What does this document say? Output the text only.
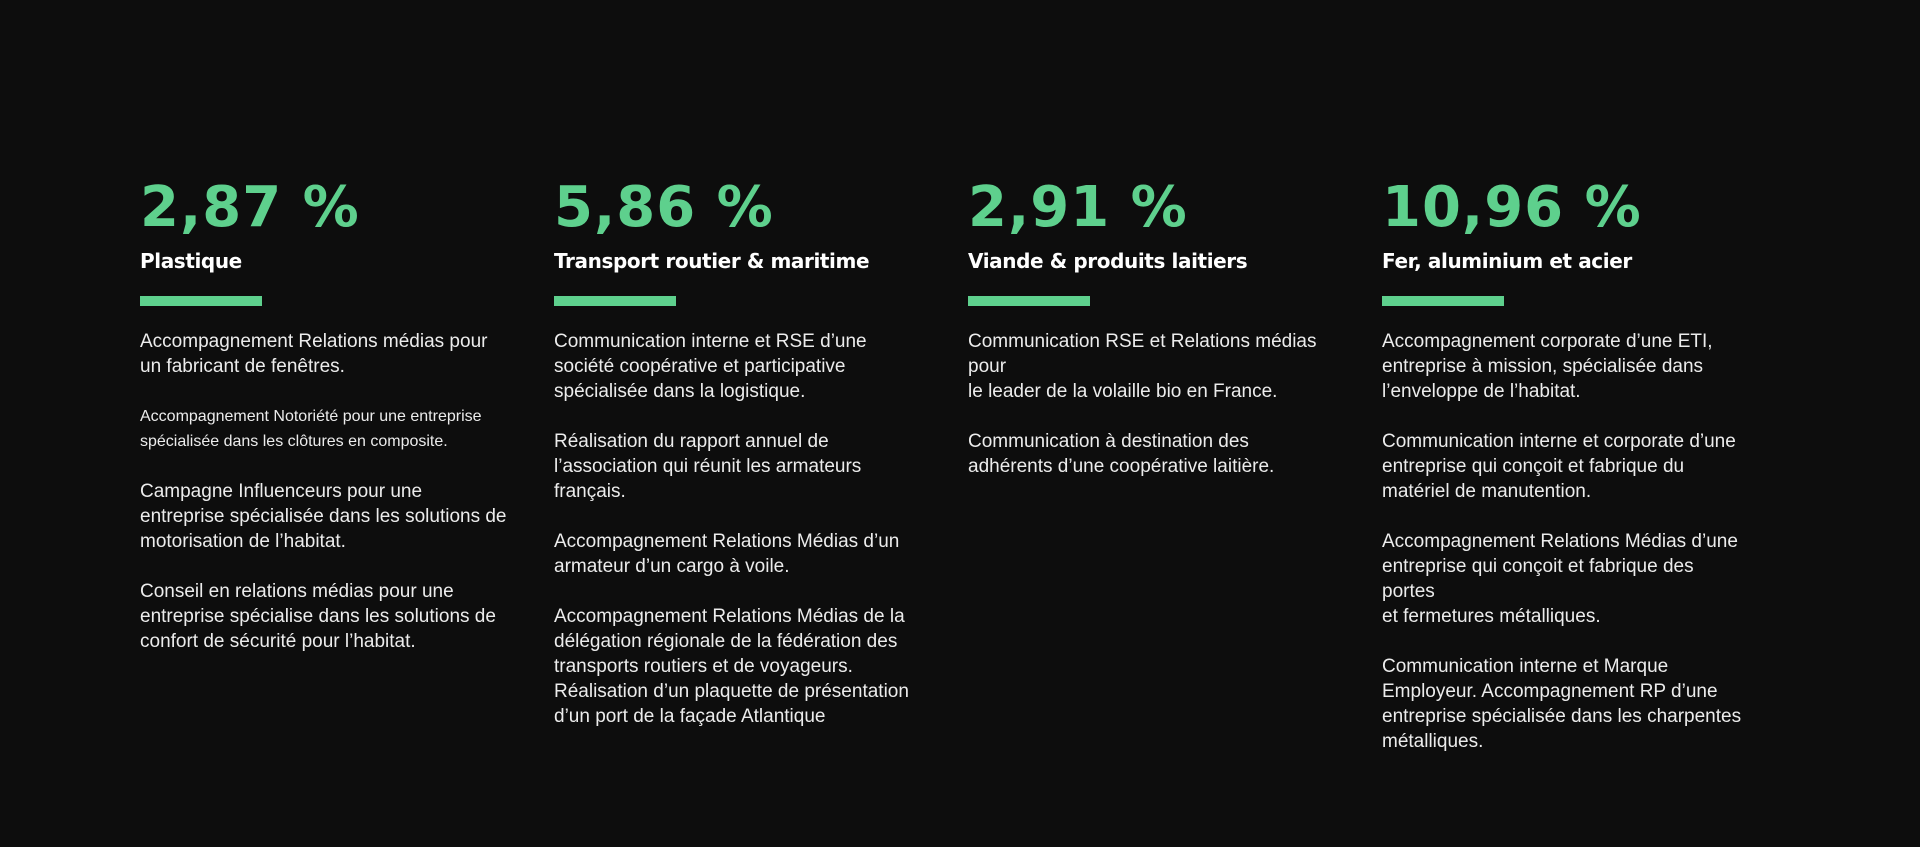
2,87 %
Plastique
Accompagnement Relations médias pour
un fabricant de fenêtres.
Accompagnement Notoriété pour une entreprise
spécialisée dans les clôtures en composite.
Campagne Influenceurs pour une
entreprise spécialisée dans les solutions de
motorisation de l’habitat.
Conseil en relations médias pour une
entreprise spécialise dans les solutions de
confort de sécurité pour l’habitat.
5,86 %
Transport routier & maritime
Communication interne et RSE d’une
société coopérative et participative
spécialisée dans la logistique.
Réalisation du rapport annuel de
l’association qui réunit les armateurs
français.
Accompagnement Relations Médias d’un
armateur d’un cargo à voile.
Accompagnement Relations Médias de la
délégation régionale de la fédération des
transports routiers et de voyageurs.
Réalisation d’un plaquette de présentation
d’un port de la façade Atlantique
2,91 %
Viande & produits laitiers
Communication RSE et Relations médias
pour
le leader de la volaille bio en France.
Communication à destination des
adhérents d’une coopérative laitière.
10,96 %
Fer, aluminium et acier
Accompagnement corporate d’une ETI,
entreprise à mission, spécialisée dans
l’enveloppe de l’habitat.
Communication interne et corporate d’une
entreprise qui conçoit et fabrique du
matériel de manutention.
Accompagnement Relations Médias d’une
entreprise qui conçoit et fabrique des
portes
et fermetures métalliques.
Communication interne et Marque
Employeur. Accompagnement RP d’une
entreprise spécialisée dans les charpentes
métalliques.
